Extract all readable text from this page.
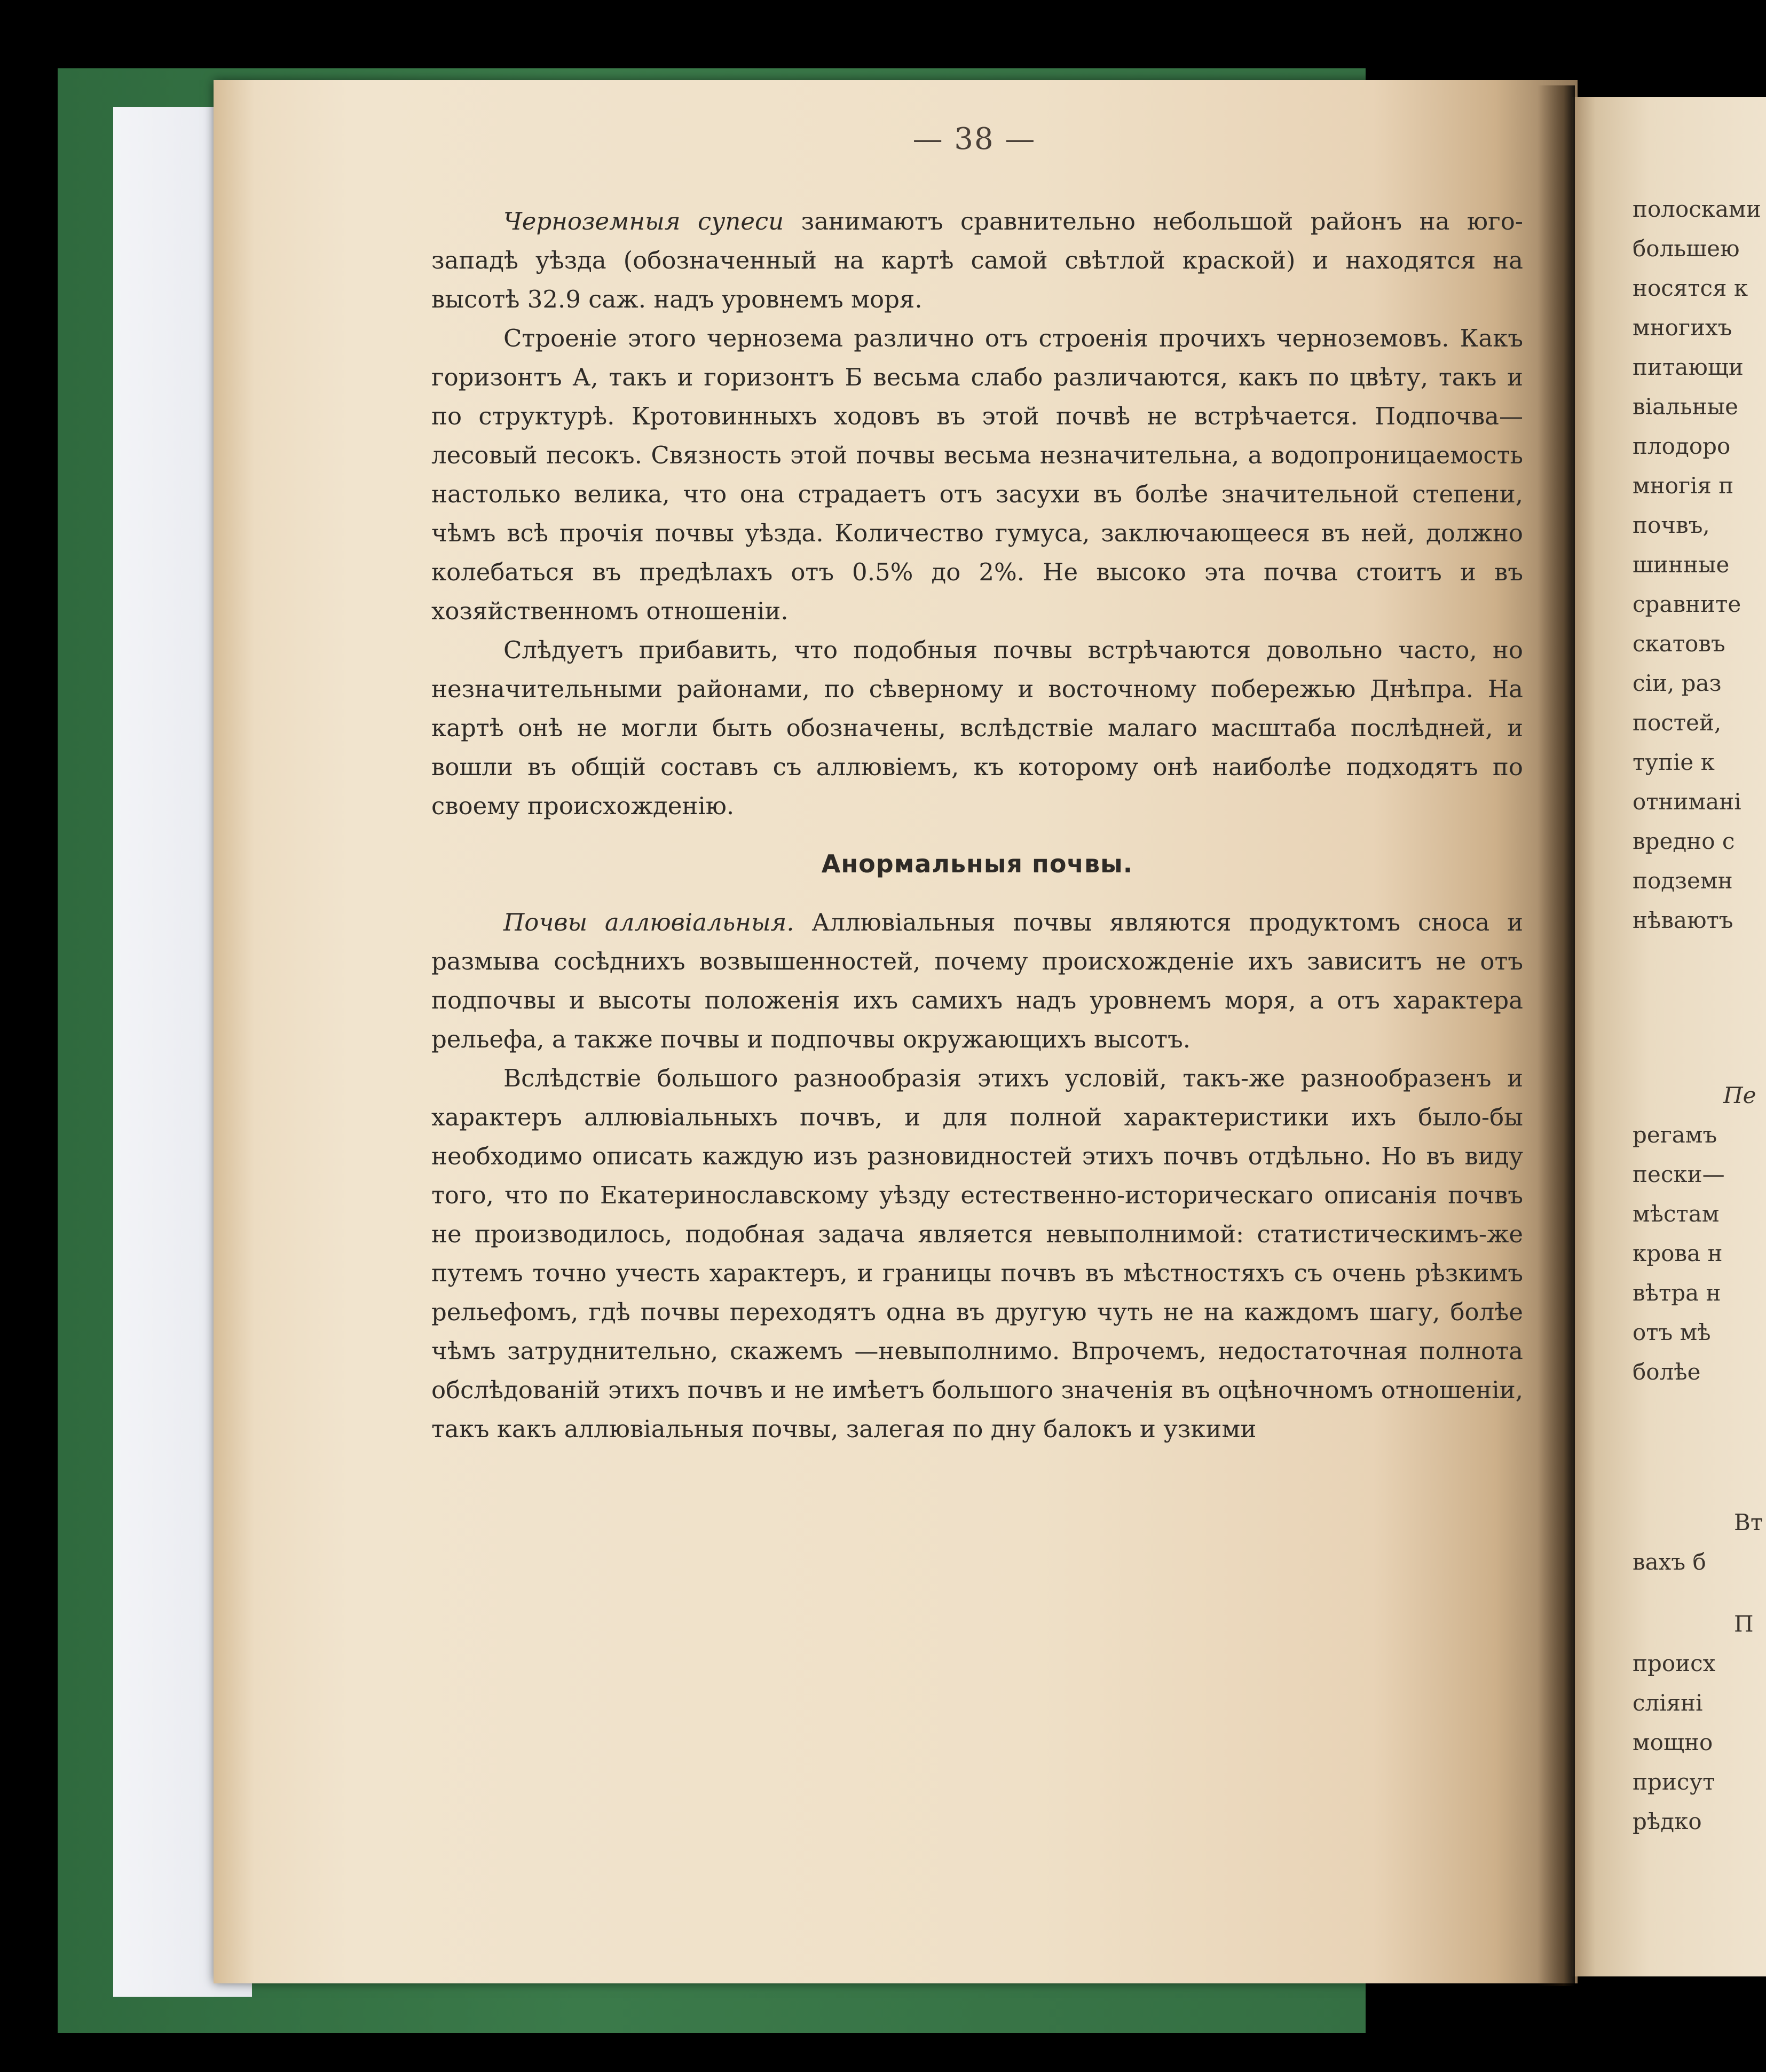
— 38 —

Черноземныя супеси занимаютъ сравнительно небольшой районъ на юго-западѣ уѣзда (обозначенный на картѣ самой свѣтлой краской) и находятся на высотѣ 32.9 саж. надъ уровнемъ моря.

Строеніе этого чернозема различно отъ строенія прочихъ черноземовъ. Какъ горизонтъ А, такъ и горизонтъ Б весьма слабо различаются, какъ по цвѣту, такъ и по структурѣ. Кротовинныхъ ходовъ въ этой почвѣ не встрѣчается. Подпочва—лесовый песокъ. Связность этой почвы весьма незначительна, а водопроницаемость настолько велика, что она страдаетъ отъ засухи въ болѣе значительной степени, чѣмъ всѣ прочія почвы уѣзда. Количество гумуса, заключающееся въ ней, должно колебаться въ предѣлахъ отъ 0.5% до 2%. Не высоко эта почва стоитъ и въ хозяйственномъ отношеніи.

Слѣдуетъ прибавить, что подобныя почвы встрѣчаются довольно часто, но незначительными районами, по сѣверному и восточному побережью Днѣпра. На картѣ онѣ не могли быть обозначены, вслѣдствіе малаго масштаба послѣдней, и вошли въ общій составъ съ аллювіемъ, къ которому онѣ наиболѣе подходятъ по своему происхожденію.

Анормальныя почвы.

Почвы аллювіальныя. Аллювіальныя почвы являются продуктомъ сноса и размыва сосѣднихъ возвышенностей, почему происхожденіе ихъ зависитъ не отъ подпочвы и высоты положенія ихъ самихъ надъ уровнемъ моря, а отъ характера рельефа, а также почвы и подпочвы окружающихъ высотъ.

Вслѣдствіе большого разнообразія этихъ условій, такъ-же разнообразенъ и характеръ аллювіальныхъ почвъ, и для полной характеристики ихъ было-бы необходимо описать каждую изъ разновидностей этихъ почвъ отдѣльно. Но въ виду того, что по Екатеринославскому уѣзду естественно-историческаго описанія почвъ не производилось, подобная задача является невыполнимой: статистическимъ-же путемъ точно учесть характеръ, и границы почвъ въ мѣстностяхъ съ очень рѣзкимъ рельефомъ, гдѣ почвы переходятъ одна въ другую чуть не на каждомъ шагу, болѣе чѣмъ затруднительно, скажемъ —невыполнимо. Впрочемъ, недостаточная полнота обслѣдованій этихъ почвъ и не имѣетъ большого значенія въ оцѣночномъ отношеніи, такъ какъ аллювіальныя почвы, залегая по дну балокъ и узкими

полосками
большею
носятся к
многихъ
питающи
віальные
плодоро
многія п
почвъ,
шинные
сравните
скатовъ
сіи, раз
постей,
тупіе к
отнимані
вредно с
подземн
нѣваютъ
Пе
регамъ
пески—
мѣстам
крова н
вѣтра н
отъ мѣ
болѣе
Вт
вахъ б
П
происх
сліяні
мощно
присут
рѣдко
